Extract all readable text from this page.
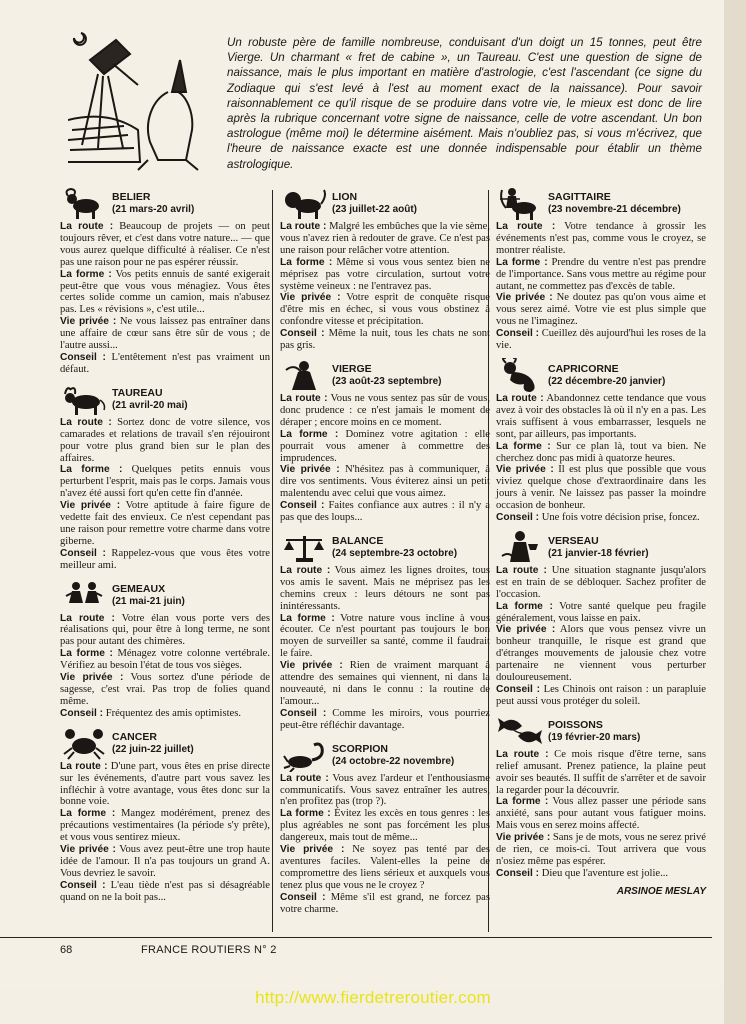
Un robuste père de famille nombreuse, conduisant d'un doigt un 15 tonnes, peut être Vierge. Un charmant « fret de cabine », un Taureau. C'est une question de signe de naissance, mais le plus important en matière d'astrologie, c'est l'ascendant (ce signe du Zodiaque qui s'est levé à l'est au moment exact de la naissance). Pour savoir raisonnablement ce qu'il risque de se produire dans votre vie, le mieux est donc de lire après la rubrique concernant votre signe de naissance, celle de votre ascendant. Un bon astrologue (même moi) le détermine aisément. Mais n'oubliez pas, si vous m'écrivez, que l'heure de naissance exacte est une donnée indispensable pour établir un thème astrologique.
BELIER
(21 mars-20 avril)

La route : Beaucoup de projets — on peut toujours rêver, et c'est dans votre nature... — que vous aurez quelque difficulté à réaliser. Ce n'est pas une raison pour ne pas espérer réussir.

La forme : Vos petits ennuis de santé exigerait peut-être que vous vous ménagiez. Vous êtes certes solide comme un camion, mais n'abusez pas. Les « révisions », c'est utile...

Vie privée : Ne vous laissez pas entraîner dans une affaire de cœur sans être sûr de vous ; de l'autre aussi...

Conseil : L'entêtement n'est pas vraiment un défaut.

TAUREAU
(21 avril-20 mai)

La route : Sortez donc de votre silence, vos camarades et relations de travail s'en réjouiront pour votre plus grand bien sur le plan des affaires.

La forme : Quelques petits ennuis vous perturbent l'esprit, mais pas le corps. Jamais vous n'avez été aussi fort qu'en cette fin d'année.

Vie privée : Votre aptitude à faire figure de vedette fait des envieux. Ce n'est cependant pas une raison pour remettre votre charme dans votre giberne.

Conseil : Rappelez-vous que vous êtes votre meilleur ami.

GEMEAUX
(21 mai-21 juin)

La route : Votre élan vous porte vers des réalisations qui, pour être à long terme, ne sont pas pour autant des chimères.

La forme : Ménagez votre colonne vertébrale. Vérifiez au besoin l'état de tous vos sièges.

Vie privée : Vous sortez d'une période de sagesse, c'est vrai. Pas trop de folies quand même.

Conseil : Fréquentez des amis optimistes.

CANCER
(22 juin-22 juillet)

La route : D'une part, vous êtes en prise directe sur les événements, d'autre part vous savez les infléchir à votre avantage, vous êtes donc sur la bonne voie.

La forme : Mangez modérément, prenez des précautions vestimentaires (la période s'y prête), et vous vous sentirez mieux.

Vie privée : Vous avez peut-être une trop haute idée de l'amour. Il n'a pas toujours un grand A. Vous devriez le savoir.

Conseil : L'eau tiède n'est pas si désagréable quand on ne la boit pas...

LION
(23 juillet-22 août)

La route : Malgré les embûches que la vie sème, vous n'avez rien à redouter de grave. Ce n'est pas une raison pour relâcher votre attention.

La forme : Même si vous vous sentez bien ne méprisez pas votre circulation, surtout votre système veineux : ne l'entravez pas.

Vie privée : Votre esprit de conquête risque d'être mis en échec, si vous vous obstinez à confondre vitesse et précipitation.

Conseil : Même la nuit, tous les chats ne sont pas gris.

VIERGE
(23 août-23 septembre)

La route : Vous ne vous sentez pas sûr de vous, donc prudence : ce n'est jamais le moment de déraper ; encore moins en ce moment.

La forme : Dominez votre agitation : elle pourrait vous amener à commettre des imprudences.

Vie privée : N'hésitez pas à communiquer, à dire vos sentiments. Vous éviterez ainsi un petit malentendu avec celui que vous aimez.

Conseil : Faites confiance aux autres : il n'y a pas que des loups...

BALANCE
(24 septembre-23 octobre)

La route : Vous aimez les lignes droites, tous vos amis le savent. Mais ne méprisez pas les chemins creux : leurs détours ne sont pas inintéressants.

La forme : Votre nature vous incline à vous écouter. Ce n'est pourtant pas toujours le bon moyen de surveiller sa santé, comme il faudrait le faire.

Vie privée : Rien de vraiment marquant à attendre des semaines qui viennent, ni dans la nouveauté, ni dans le connu : la routine de l'amour...

Conseil : Comme les miroirs, vous pourriez peut-être réfléchir davantage.

SCORPION
(24 octobre-22 novembre)

La route : Vous avez l'ardeur et l'enthousiasme communicatifs. Vous savez entraîner les autres, n'en profitez pas (trop ?).

La forme : Évitez les excès en tous genres : les plus agréables ne sont pas forcément les plus dangereux, mais tout de même...

Vie privée : Ne soyez pas tenté par des aventures faciles. Valent-elles la peine de compromettre des liens sérieux et auxquels vous tenez plus que vous ne le croyez ?

Conseil : Même s'il est grand, ne forcez pas votre charme.

SAGITTAIRE
(23 novembre-21 décembre)

La route : Votre tendance à grossir les événements n'est pas, comme vous le croyez, se montrer réaliste.

La forme : Prendre du ventre n'est pas prendre de l'importance. Sans vous mettre au régime pour autant, ne commettez pas d'excès de table.

Vie privée : Ne doutez pas qu'on vous aime et vous serez aimé. Votre vie est plus simple que vous ne l'imaginez.

Conseil : Cueillez dès aujourd'hui les roses de la vie.

CAPRICORNE
(22 décembre-20 janvier)

La route : Abandonnez cette tendance que vous avez à voir des obstacles là où il n'y en a pas. Les vrais suffisent à vous embarrasser, lesquels ne sont, par ailleurs, pas importants.

La forme : Sur ce plan là, tout va bien. Ne cherchez donc pas midi à quatorze heures.

Vie privée : Il est plus que possible que vous viviez quelque chose d'extraordinaire dans les jours à venir. Ne laissez pas passer la moindre occasion de bonheur.

Conseil : Une fois votre décision prise, foncez.

VERSEAU
(21 janvier-18 février)

La route : Une situation stagnante jusqu'alors est en train de se débloquer. Sachez profiter de l'occasion.

La forme : Votre santé quelque peu fragile généralement, vous laisse en paix.

Vie privée : Alors que vous pensez vivre un bonheur tranquille, le risque est grand que d'étranges mouvements de jalousie chez votre partenaire ne viennent vous perturber douloureusement.

Conseil : Les Chinois ont raison : un parapluie peut aussi vous protéger du soleil.

POISSONS
(19 février-20 mars)

La route : Ce mois risque d'être terne, sans relief amusant. Prenez patience, la plaine peut avoir ses beautés. Il suffit de s'arrêter et de savoir la regarder pour la découvrir.

La forme : Vous allez passer une période sans anxiété, sans pour autant vous fatiguer moins. Mais vous en serez moins affecté.

Vie privée : Sans je de mots, vous ne serez privé de rien, ce mois-ci. Tout arrivera que vous n'osiez même pas espérer.

Conseil : Dieu que l'aventure est jolie...

ARSINOE MESLAY
68	FRANCE ROUTIERS N° 2
http://www.fierdetreroutier.com
